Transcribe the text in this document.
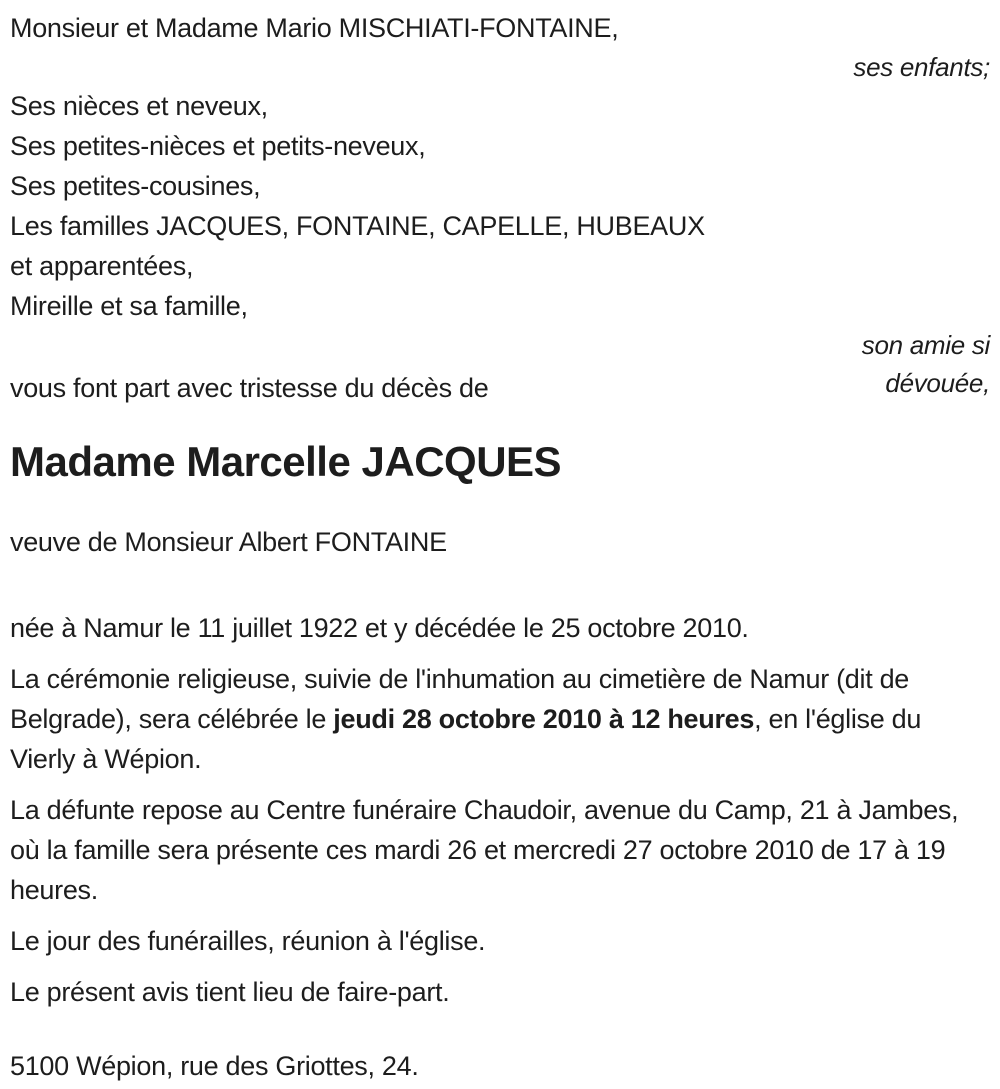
Monsieur et Madame Mario MISCHIATI-FONTAINE,

ses enfants;

Ses nièces et neveux,

Ses petites-nièces et petits-neveux,

Ses petites-cousines,

Les familles JACQUES, FONTAINE, CAPELLE, HUBEAUX

et apparentées,

Mireille et sa famille,

son amie si

dévouée,

vous font part avec tristesse du décès de

Madame Marcelle JACQUES

veuve de Monsieur Albert FONTAINE

née à Namur le 11 juillet 1922 et y décédée le 25 octobre 2010.

La cérémonie religieuse, suivie de l'inhumation au cimetière de Namur (dit de Belgrade), sera célébrée le jeudi 28 octobre 2010 à 12 heures, en l'église du Vierly à Wépion.

La défunte repose au Centre funéraire Chaudoir, avenue du Camp, 21 à Jambes, où la famille sera présente ces mardi 26 et mercredi 27 octobre 2010 de 17 à 19 heures.

Le jour des funérailles, réunion à l'église.

Le présent avis tient lieu de faire-part.

5100 Wépion, rue des Griottes, 24.
